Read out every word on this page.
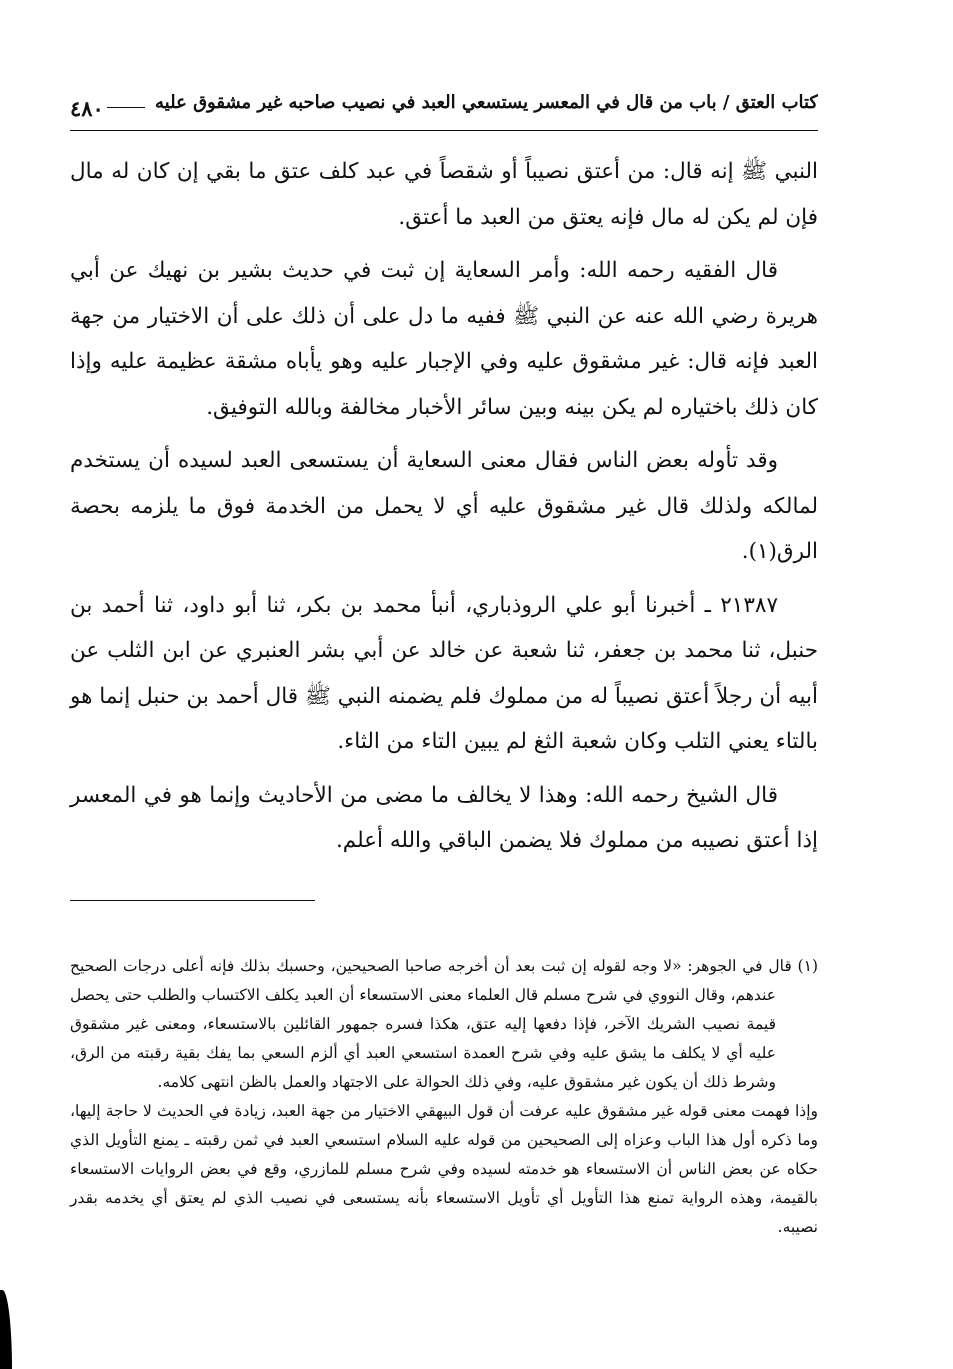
كتاب العتق / باب من قال في المعسر يستسعي العبد في نصيب صاحبه غير مشقوق عليه
٤٨٠

النبي ﷺ إنه قال: من أعتق نصيباً أو شقصاً في عبد كلف عتق ما بقي إن كان له مال فإن لم يكن له مال فإنه يعتق من العبد ما أعتق.

قال الفقيه رحمه الله: وأمر السعاية إن ثبت في حديث بشير بن نهيك عن أبي هريرة رضي الله عنه عن النبي ﷺ ففيه ما دل على أن ذلك على أن الاختيار من جهة العبد فإنه قال: غير مشقوق عليه وفي الإجبار عليه وهو يأباه مشقة عظيمة عليه وإذا كان ذلك باختياره لم يكن بينه وبين سائر الأخبار مخالفة وبالله التوفيق.

وقد تأوله بعض الناس فقال معنى السعاية أن يستسعى العبد لسيده أن يستخدم لمالكه ولذلك قال غير مشقوق عليه أي لا يحمل من الخدمة فوق ما يلزمه بحصة الرق(١).

٢١٣٨٧ ـ أخبرنا أبو علي الروذباري، أنبأ محمد بن بكر، ثنا أبو داود، ثنا أحمد بن حنبل، ثنا محمد بن جعفر، ثنا شعبة عن خالد عن أبي بشر العنبري عن ابن الثلب عن أبيه أن رجلاً أعتق نصيباً له من مملوك فلم يضمنه النبي ﷺ قال أحمد بن حنبل إنما هو بالتاء يعني التلب وكان شعبة الثغ لم يبين التاء من الثاء.

قال الشيخ رحمه الله: وهذا لا يخالف ما مضى من الأحاديث وإنما هو في المعسر إذا أعتق نصيبه من مملوك فلا يضمن الباقي والله أعلم.

(١) قال في الجوهر: «لا وجه لقوله إن ثبت بعد أن أخرجه صاحبا الصحيحين، وحسبك بذلك فإنه أعلى درجات الصحيح عندهم، وقال النووي في شرح مسلم قال العلماء معنى الاستسعاء أن العبد يكلف الاكتساب والطلب حتى يحصل قيمة نصيب الشريك الآخر، فإذا دفعها إليه عتق، هكذا فسره جمهور القائلين بالاستسعاء، ومعنى غير مشقوق عليه أي لا يكلف ما يشق عليه وفي شرح العمدة استسعي العبد أي ألزم السعي بما يفك بقية رقبته من الرق، وشرط ذلك أن يكون غير مشقوق عليه، وفي ذلك الحوالة على الاجتهاد والعمل بالظن انتهى كلامه.

وإذا فهمت معنى قوله غير مشقوق عليه عرفت أن قول البيهقي الاختيار من جهة العبد، زيادة في الحديث لا حاجة إليها، وما ذكره أول هذا الباب وعزاه إلى الصحيحين من قوله عليه السلام استسعي العبد في ثمن رقبته ـ يمنع التأويل الذي حكاه عن بعض الناس أن الاستسعاء هو خدمته لسيده وفي شرح مسلم للمازري، وقع في بعض الروايات الاستسعاء بالقيمة، وهذه الرواية تمنع هذا التأويل أي تأويل الاستسعاء بأنه يستسعى في نصيب الذي لم يعتق أي يخدمه بقدر نصيبه.
